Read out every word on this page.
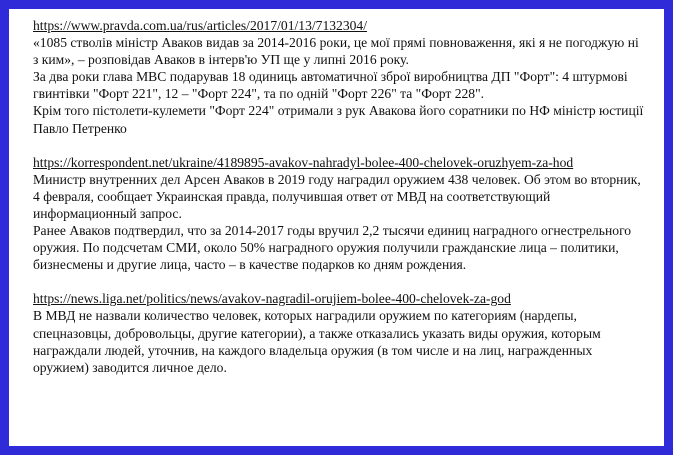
https://www.pravda.com.ua/rus/articles/2017/01/13/7132304/
«1085 стволів міністр Аваков видав за 2014-2016 роки, це мої прямі повноваження, які я не погоджую ні з ким», – розповідав Аваков в інтерв'ю УП ще у липні 2016 року.
За два роки глава МВС подарував 18 одиниць автоматичної зброї виробництва ДП "Форт": 4 штурмові гвинтівки "Форт 221", 12 – "Форт 224", та по одній "Форт 226" та "Форт 228".
Крім того пістолети-кулемети "Форт 224" отримали з рук Авакова його соратники по НФ міністр юстиції Павло Петренко
https://korrespondent.net/ukraine/4189895-avakov-nahradyl-bolee-400-chelovek-oruzhyem-za-hod
Министр внутренних дел Арсен Аваков в 2019 году наградил оружием 438 человек. Об этом во вторник, 4 февраля, сообщает Украинская правда, получившая ответ от МВД на соответствующий информационный запрос.
Ранее Аваков подтвердил, что за 2014-2017 годы вручил 2,2 тысячи единиц наградного огнестрельного оружия. По подсчетам СМИ, около 50% наградного оружия получили гражданские лица – политики, бизнесмены и другие лица, часто – в качестве подарков ко дням рождения.
https://news.liga.net/politics/news/avakov-nagradil-orujiem-bolee-400-chelovek-za-god
В МВД не назвали количество человек, которых наградили оружием по категориям (нардепы, спецназовцы, добровольцы, другие категории), а также отказались указать виды оружия, которым награждали людей, уточнив, на каждого владельца оружия (в том числе и на лиц, награжденных оружием) заводится личное дело.
